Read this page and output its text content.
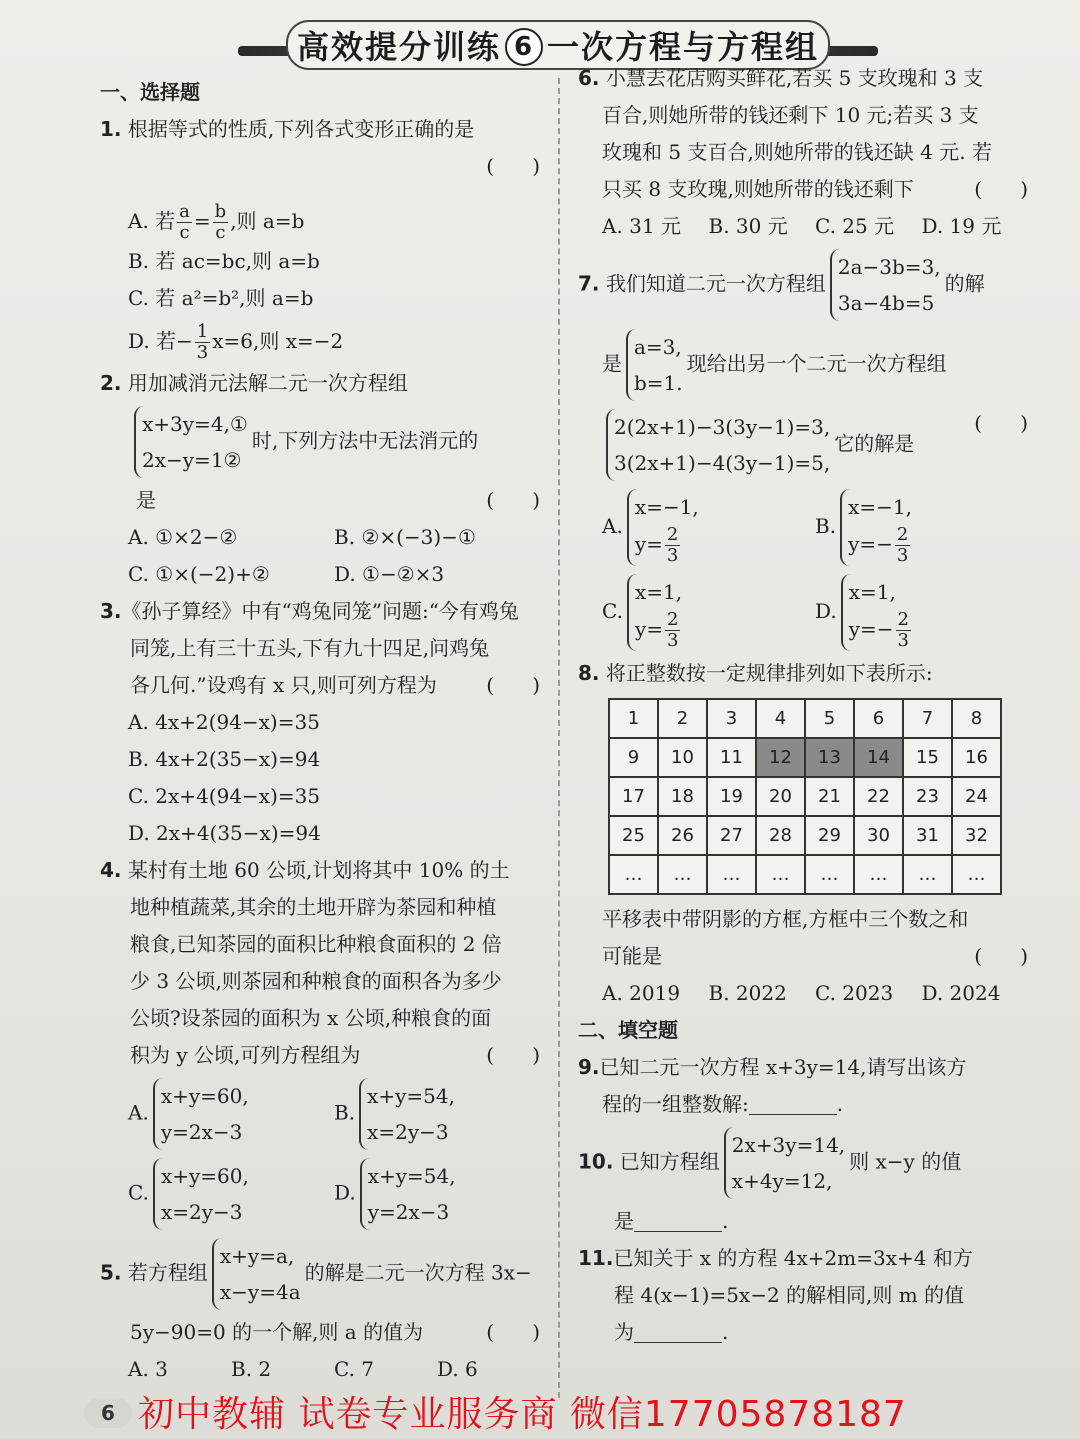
高效提分训练 6 一次方程与方程组
一、选择题
1. 根据等式的性质,下列各式变形正确的是
(      )
A. 若 $\frac{a}{c} = \frac{b}{c}$ ,则 a=b
B. 若 ac=bc,则 a=b
C. 若 a²=b²,则 a=b
D. 若− $\frac{1}{3} x=6$,则 x=−2
2. 用加减消元法解二元一次方程组
x+3y=4,①
2x−y=1②时,下列方法中无法消元的
是	(      )
A. ①×2−②	B. ②×(−3)−①
C. ①×(−2)+②	D. ①−②×3
3.《孙子算经》中有“鸡兔同笼”问题:“今有鸡兔
同笼,上有三十五头,下有九十四足,问鸡兔
各几何.”设鸡有 x 只,则可列方程为 (      )
A. 4x+2(94−x)=35
B. 4x+2(35−x)=94
C. 2x+4(94−x)=35
D. 2x+4(35−x)=94
4. 某村有土地 60 公顷,计划将其中 10% 的土
地种植蔬菜,其余的土地开辟为茶园和种植
粮食,已知茶园的面积比种粮食面积的 2 倍
少 3 公顷,则茶园和种粮食的面积各为多少
公顷?设茶园的面积为 x 公顷,种粮食的面
积为 y 公顷,可列方程组为	(      )
A.x+y=60,
y=2x−3
B.x+y=54,
x=2y−3
C.x+y=60,
x=2y−3
D.x+y=54,
y=2x−3
5. 若方程组x+y=a,
x−y=4a的解是二元一次方程 3x−
5y−90=0 的一个解,则 a 的值为	(      )
A. 3	B. 2	C. 7	D. 6
6. 小慧去花店购买鲜花,若买 5 支玫瑰和 3 支
百合,则她所带的钱还剩下 10 元;若买 3 支
玫瑰和 5 支百合,则她所带的钱还缺 4 元. 若
只买 8 支玫瑰,则她所带的钱还剩下	(      )
A. 31 元	B. 30 元	C. 25 元	D. 19 元
7. 我们知道二元一次方程组2a−3b=3,
3a−4b=5的解
是a=3,
b=1.现给出另一个二元一次方程组
2(2x+1)−3(3y−1)=3,
3(2x+1)−4(3y−1)=5,它的解是
(      )
A.x=−1,
$y= \frac{2}{3}$	B.x=−1,
$y=- \frac{2}{3}$
C.x=1,
$y= \frac{2}{3}$	D.x=1,
$y=- \frac{2}{3}$
8. 将正整数按一定规律排列如下表所示:
1	2	3	4	5	6	7	8
9	10	11	12	13	14	15	16
17	18	19	20	21	22	23	24
25	26	27	28	29	30	31	32
…	…	…	…	…	…	…	…
平移表中带阴影的方框,方框中三个数之和
可能是	(      )
A. 2019	B. 2022	C. 2023	D. 2024
二、填空题
9.已知二元一次方程 x+3y=14,请写出该方
程的一组整数解:	.
10. 已知方程组2x+3y=14,
x+4y=12,则 x−y 的值
是	.
11.已知关于 x 的方程 4x+2m=3x+4 和方
程 4(x−1)=5x−2 的解相同,则 m 的值
为	.
6 初中教辅 试卷专业服务商 微信17705878187
